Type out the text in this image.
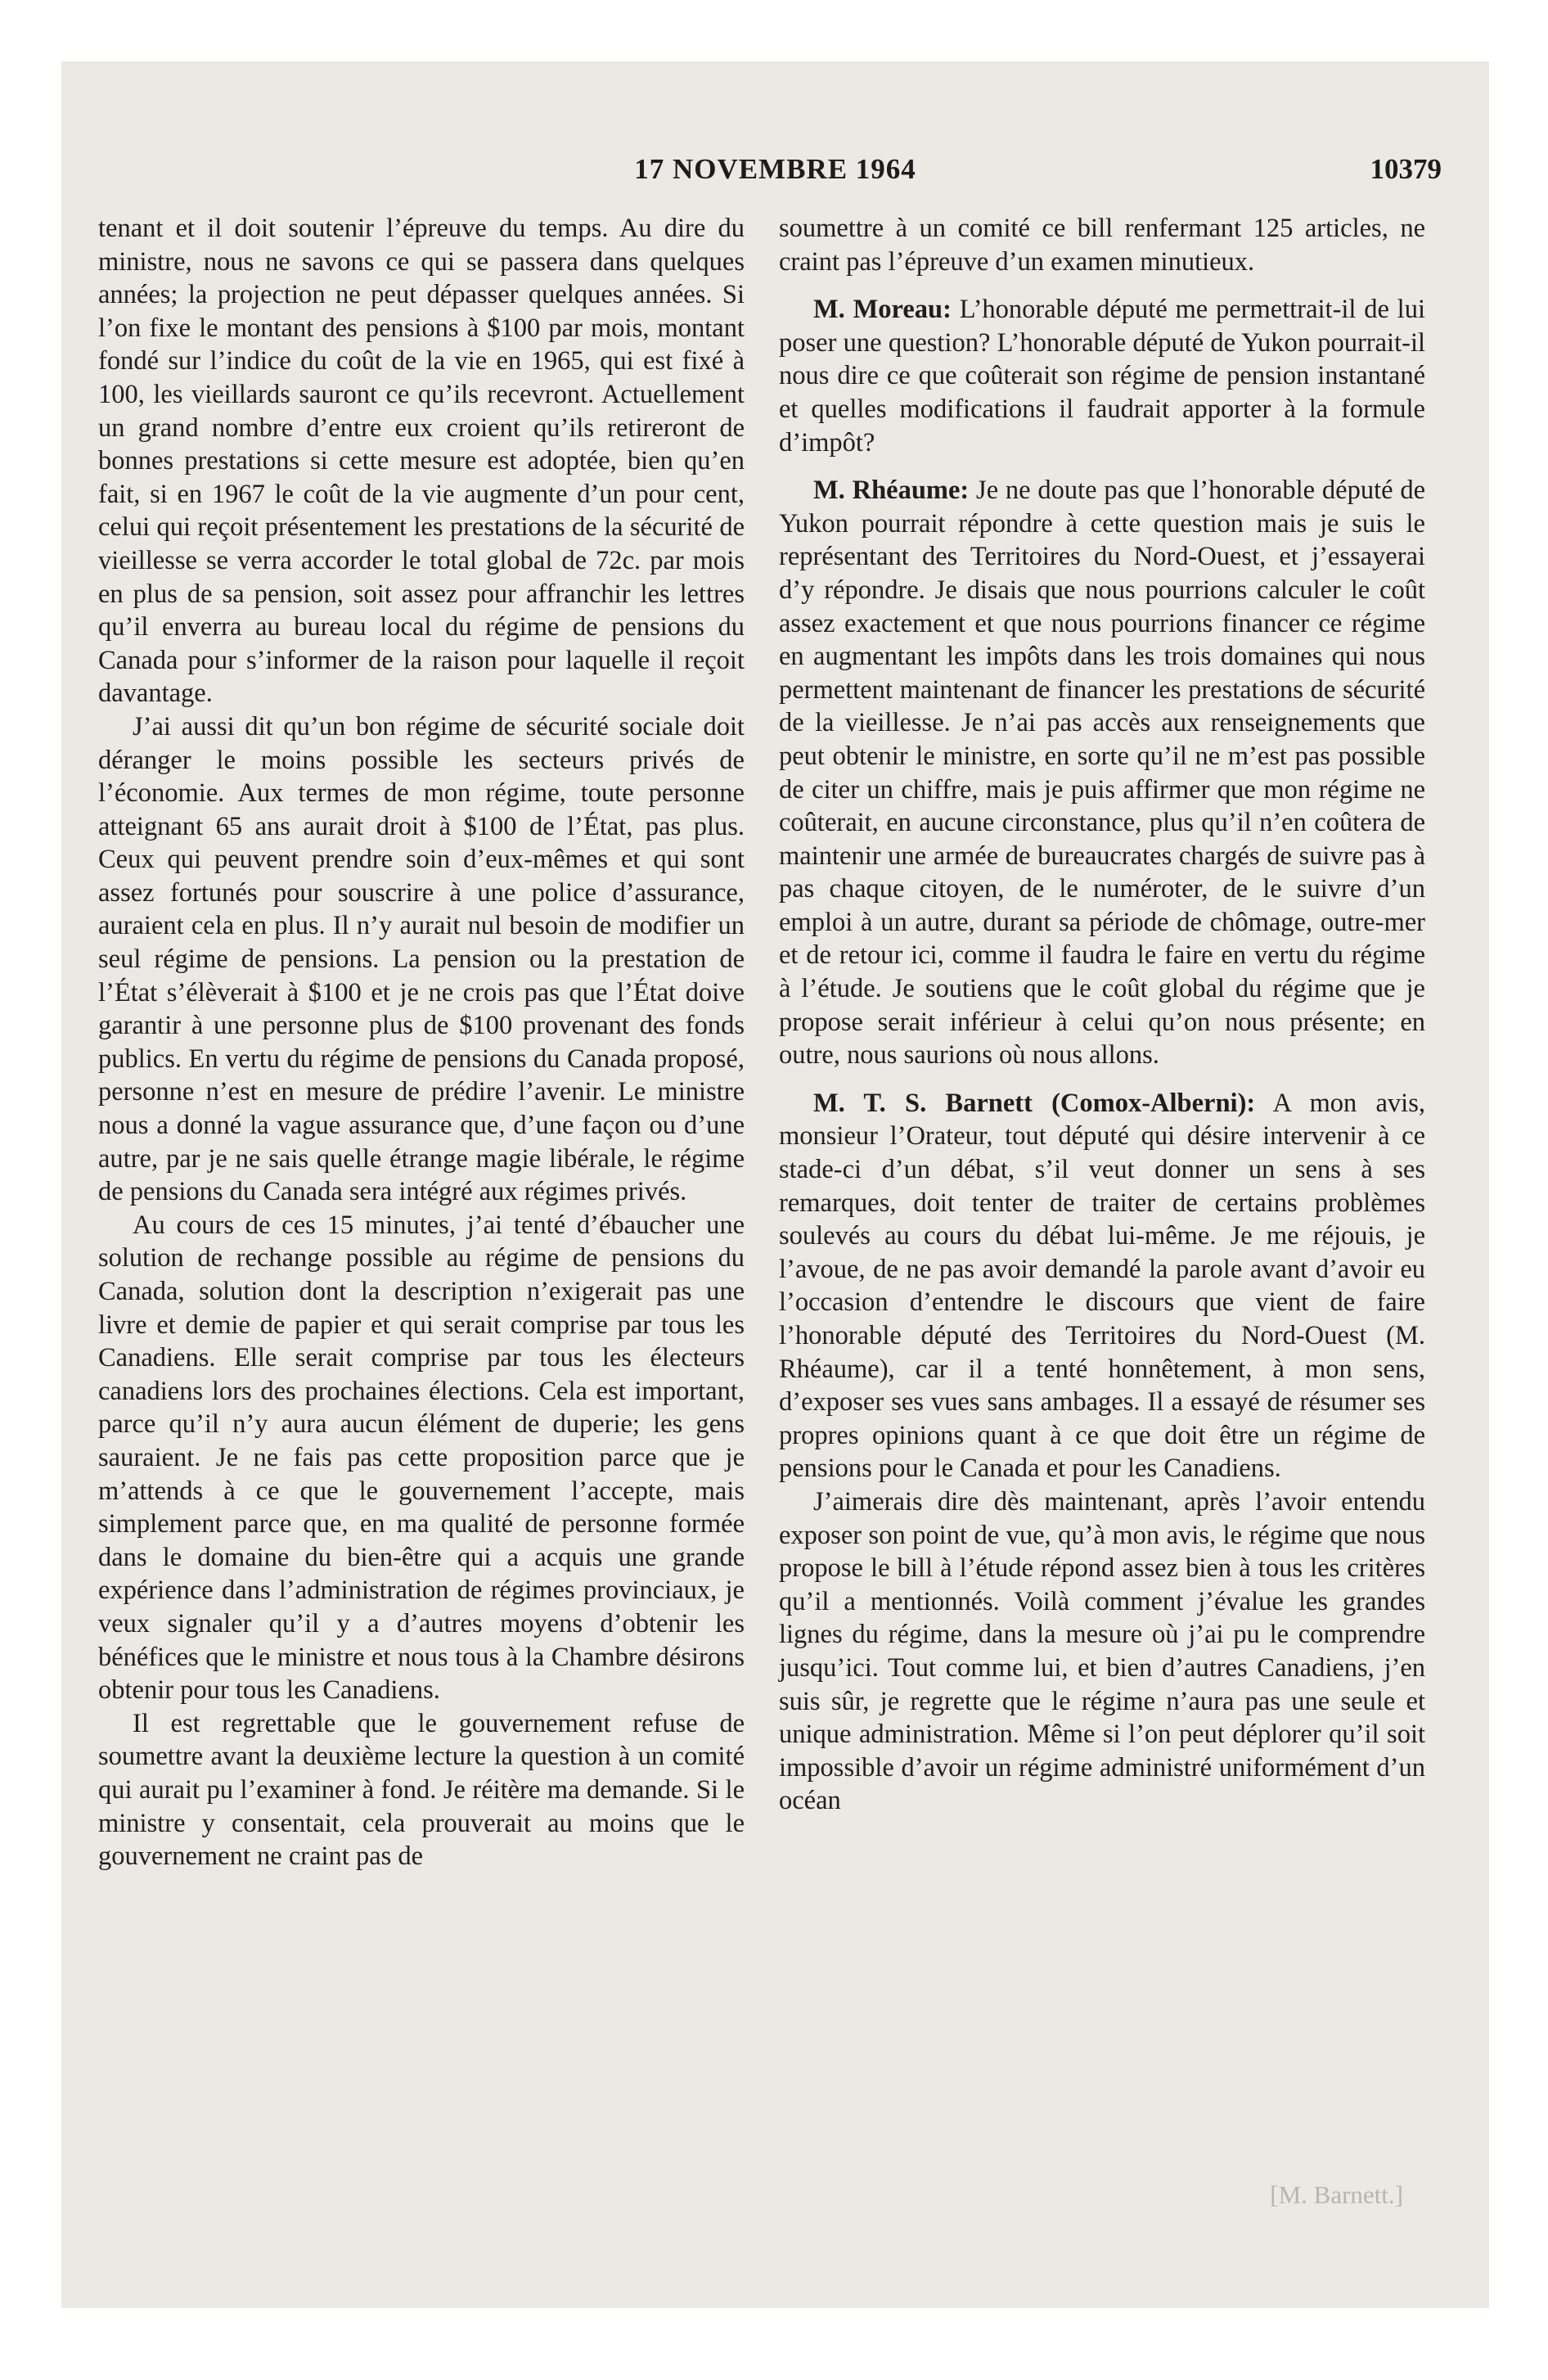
17 NOVEMBRE 1964	10379

tenant et il doit soutenir l’épreuve du temps. Au dire du ministre, nous ne savons ce qui se passera dans quelques années; la projection ne peut dépasser quelques années. Si l’on fixe le montant des pensions à $100 par mois, montant fondé sur l’indice du coût de la vie en 1965, qui est fixé à 100, les vieillards sauront ce qu’ils recevront. Actuellement un grand nombre d’entre eux croient qu’ils retireront de bonnes prestations si cette mesure est adoptée, bien qu’en fait, si en 1967 le coût de la vie augmente d’un pour cent, celui qui reçoit présentement les prestations de la sécurité de vieillesse se verra accorder le total global de 72c. par mois en plus de sa pension, soit assez pour affranchir les lettres qu’il enverra au bureau local du régime de pensions du Canada pour s’informer de la raison pour laquelle il reçoit davantage.

J’ai aussi dit qu’un bon régime de sécurité sociale doit déranger le moins possible les secteurs privés de l’économie. Aux termes de mon régime, toute personne atteignant 65 ans aurait droit à $100 de l’État, pas plus. Ceux qui peuvent prendre soin d’eux-mêmes et qui sont assez fortunés pour souscrire à une police d’assurance, auraient cela en plus. Il n’y aurait nul besoin de modifier un seul régime de pensions. La pension ou la prestation de l’État s’élèverait à $100 et je ne crois pas que l’État doive garantir à une personne plus de $100 provenant des fonds publics. En vertu du régime de pensions du Canada proposé, personne n’est en mesure de prédire l’avenir. Le ministre nous a donné la vague assurance que, d’une façon ou d’une autre, par je ne sais quelle étrange magie libérale, le régime de pensions du Canada sera intégré aux régimes privés.

Au cours de ces 15 minutes, j’ai tenté d’ébaucher une solution de rechange possible au régime de pensions du Canada, solution dont la description n’exigerait pas une livre et demie de papier et qui serait comprise par tous les Canadiens. Elle serait comprise par tous les électeurs canadiens lors des prochaines élections. Cela est important, parce qu’il n’y aura aucun élément de duperie; les gens sauraient. Je ne fais pas cette proposition parce que je m’attends à ce que le gouvernement l’accepte, mais simplement parce que, en ma qualité de personne formée dans le domaine du bien-être qui a acquis une grande expérience dans l’administration de régimes provinciaux, je veux signaler qu’il y a d’autres moyens d’obtenir les bénéfices que le ministre et nous tous à la Chambre désirons obtenir pour tous les Canadiens.

Il est regrettable que le gouvernement refuse de soumettre avant la deuxième lecture la question à un comité qui aurait pu l’examiner à fond. Je réitère ma demande. Si le ministre y consentait, cela prouverait au moins que le gouvernement ne craint pas de

soumettre à un comité ce bill renfermant 125 articles, ne craint pas l’épreuve d’un examen minutieux.

M. Moreau: L’honorable député me permettrait-il de lui poser une question? L’honorable député de Yukon pourrait-il nous dire ce que coûterait son régime de pension instantané et quelles modifications il faudrait apporter à la formule d’impôt?

M. Rhéaume: Je ne doute pas que l’honorable député de Yukon pourrait répondre à cette question mais je suis le représentant des Territoires du Nord-Ouest, et j’essayerai d’y répondre. Je disais que nous pourrions calculer le coût assez exactement et que nous pourrions financer ce régime en augmentant les impôts dans les trois domaines qui nous permettent maintenant de financer les prestations de sécurité de la vieillesse. Je n’ai pas accès aux renseignements que peut obtenir le ministre, en sorte qu’il ne m’est pas possible de citer un chiffre, mais je puis affirmer que mon régime ne coûterait, en aucune circonstance, plus qu’il n’en coûtera de maintenir une armée de bureaucrates chargés de suivre pas à pas chaque citoyen, de le numéroter, de le suivre d’un emploi à un autre, durant sa période de chômage, outre-mer et de retour ici, comme il faudra le faire en vertu du régime à l’étude. Je soutiens que le coût global du régime que je propose serait inférieur à celui qu’on nous présente; en outre, nous saurions où nous allons.

M. T. S. Barnett (Comox-Alberni): A mon avis, monsieur l’Orateur, tout député qui désire intervenir à ce stade-ci d’un débat, s’il veut donner un sens à ses remarques, doit tenter de traiter de certains problèmes soulevés au cours du débat lui-même. Je me réjouis, je l’avoue, de ne pas avoir demandé la parole avant d’avoir eu l’occasion d’entendre le discours que vient de faire l’honorable député des Territoires du Nord-Ouest (M. Rhéaume), car il a tenté honnêtement, à mon sens, d’exposer ses vues sans ambages. Il a essayé de résumer ses propres opinions quant à ce que doit être un régime de pensions pour le Canada et pour les Canadiens.

J’aimerais dire dès maintenant, après l’avoir entendu exposer son point de vue, qu’à mon avis, le régime que nous propose le bill à l’étude répond assez bien à tous les critères qu’il a mentionnés. Voilà comment j’évalue les grandes lignes du régime, dans la mesure où j’ai pu le comprendre jusqu’ici. Tout comme lui, et bien d’autres Canadiens, j’en suis sûr, je regrette que le régime n’aura pas une seule et unique administration. Même si l’on peut déplorer qu’il soit impossible d’avoir un régime administré uniformément d’un océan

[M. Barnett.]
